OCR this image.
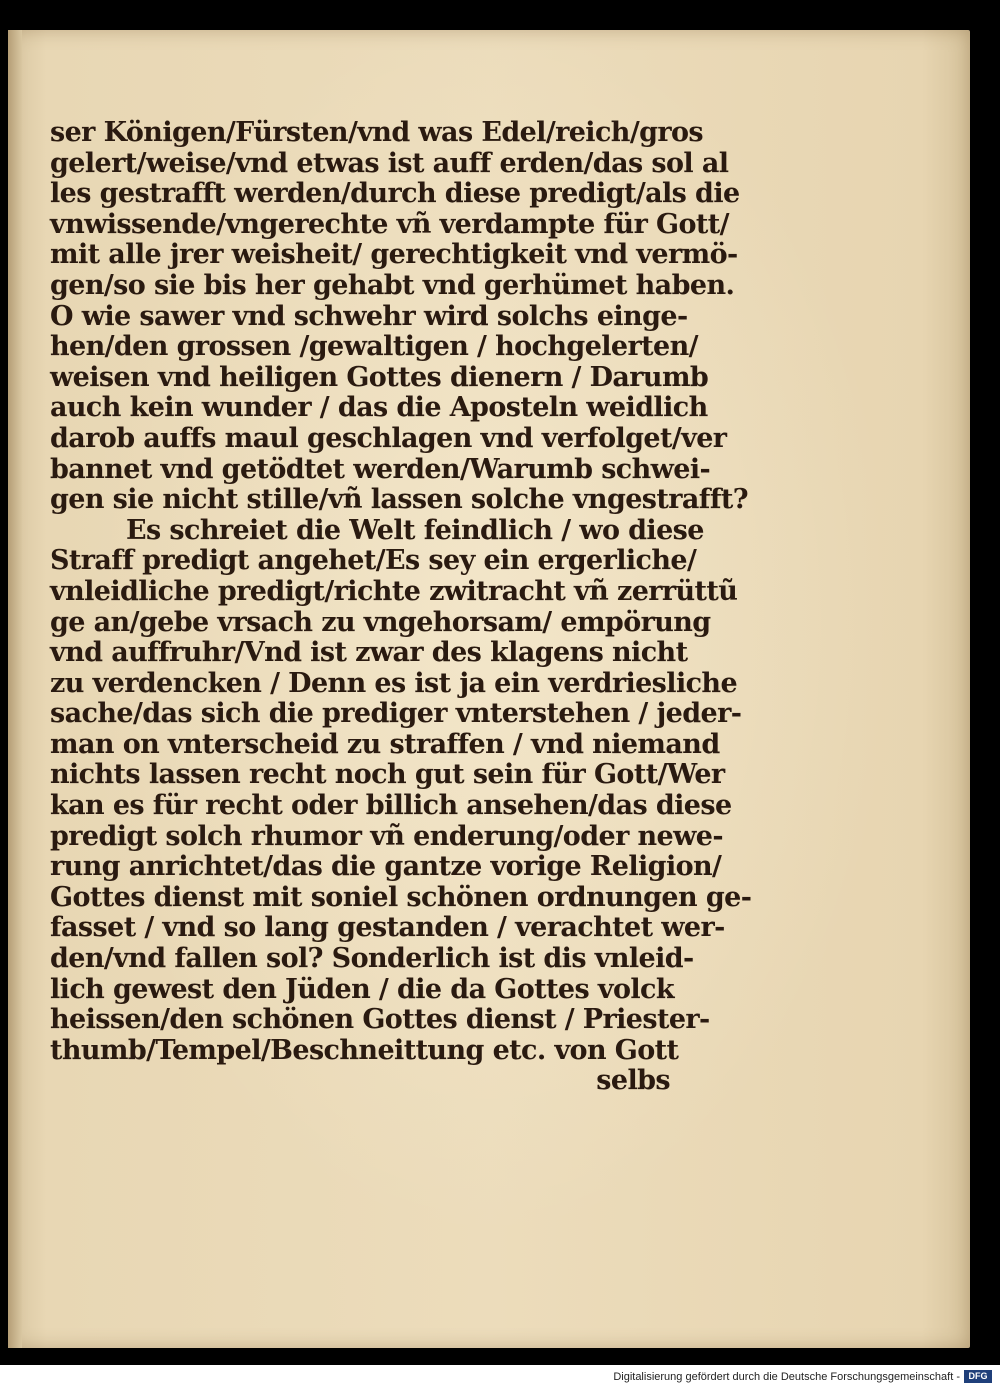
ser Königen/Fürsten/vnd was Edel/reich/gros
gelert/weise/vnd etwas ist auff erden/das sol al
les gestrafft werden/durch diese predigt/als die
vnwissende/vngerechte vñ verdampte für Gott/
mit alle jrer weisheit/ gerechtigkeit vnd vermö-
gen/so sie bis her gehabt vnd gerhümet haben.
O wie sawer vnd schwehr wird solchs einge-
hen/den grossen /gewaltigen / hochgelerten/
weisen vnd heiligen Gottes dienern / Darumb
auch kein wunder / das die Aposteln weidlich
darob auffs maul geschlagen vnd verfolget/ver
bannet vnd getödtet werden/Warumb schwei-
gen sie nicht stille/vñ lassen solche vngestrafft?
Es schreiet die Welt feindlich / wo diese
Straff predigt angehet/Es sey ein ergerliche/
vnleidliche predigt/richte zwitracht vñ zerrüttũ
ge an/gebe vrsach zu vngehorsam/ empörung
vnd auffruhr/Vnd ist zwar des klagens nicht
zu verdencken / Denn es ist ja ein verdriesliche
sache/das sich die prediger vnterstehen / jeder-
man on vnterscheid zu straffen / vnd niemand
nichts lassen recht noch gut sein für Gott/Wer
kan es für recht oder billich ansehen/das diese
predigt solch rhumor vñ enderung/oder newe-
rung anrichtet/das die gantze vorige Religion/
Gottes dienst mit soniel schönen ordnungen ge-
fasset / vnd so lang gestanden / verachtet wer-
den/vnd fallen sol? Sonderlich ist dis vnleid-
lich gewest den Jüden / die da Gottes volck
heissen/den schönen Gottes dienst / Priester-
thumb/Tempel/Beschneittung etc. von Gott
selbs
Digitalisierung gefördert durch die Deutsche Forschungsgemeinschaft - DFG
